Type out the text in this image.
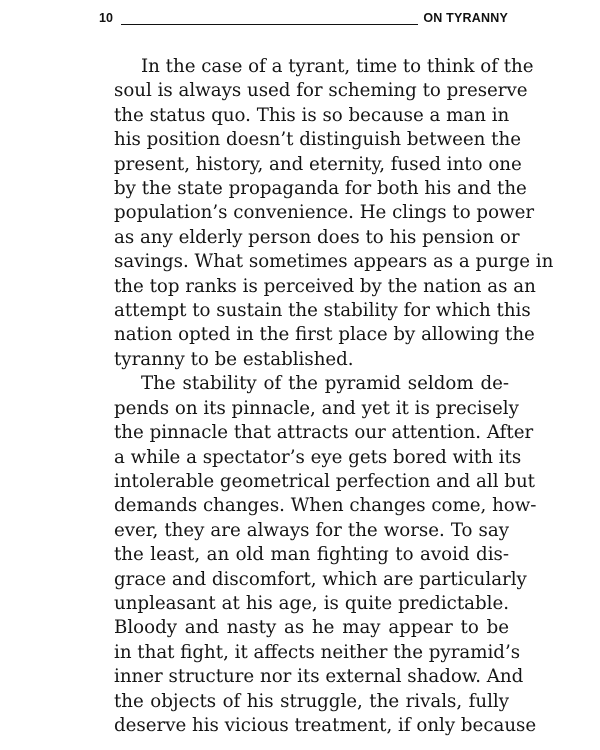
10	ON TYRANNY
In the case of a tyrant, time to think of the
soul is always used for scheming to preserve
the status quo. This is so because a man in
his position doesn’t distinguish between the
present, history, and eternity, fused into one
by the state propaganda for both his and the
population’s convenience. He clings to power
as any elderly person does to his pension or
savings. What sometimes appears as a purge in
the top ranks is perceived by the nation as an
attempt to sustain the stability for which this
nation opted in the first place by allowing the
tyranny to be established.
The stability of the pyramid seldom de-
pends on its pinnacle, and yet it is precisely
the pinnacle that attracts our attention. After
a while a spectator’s eye gets bored with its
intolerable geometrical perfection and all but
demands changes. When changes come, how-
ever, they are always for the worse. To say
the least, an old man fighting to avoid dis-
grace and discomfort, which are particularly
unpleasant at his age, is quite predictable.
Bloody and nasty as he may appear to be
in that fight, it affects neither the pyramid’s
inner structure nor its external shadow. And
the objects of his struggle, the rivals, fully
deserve his vicious treatment, if only because
